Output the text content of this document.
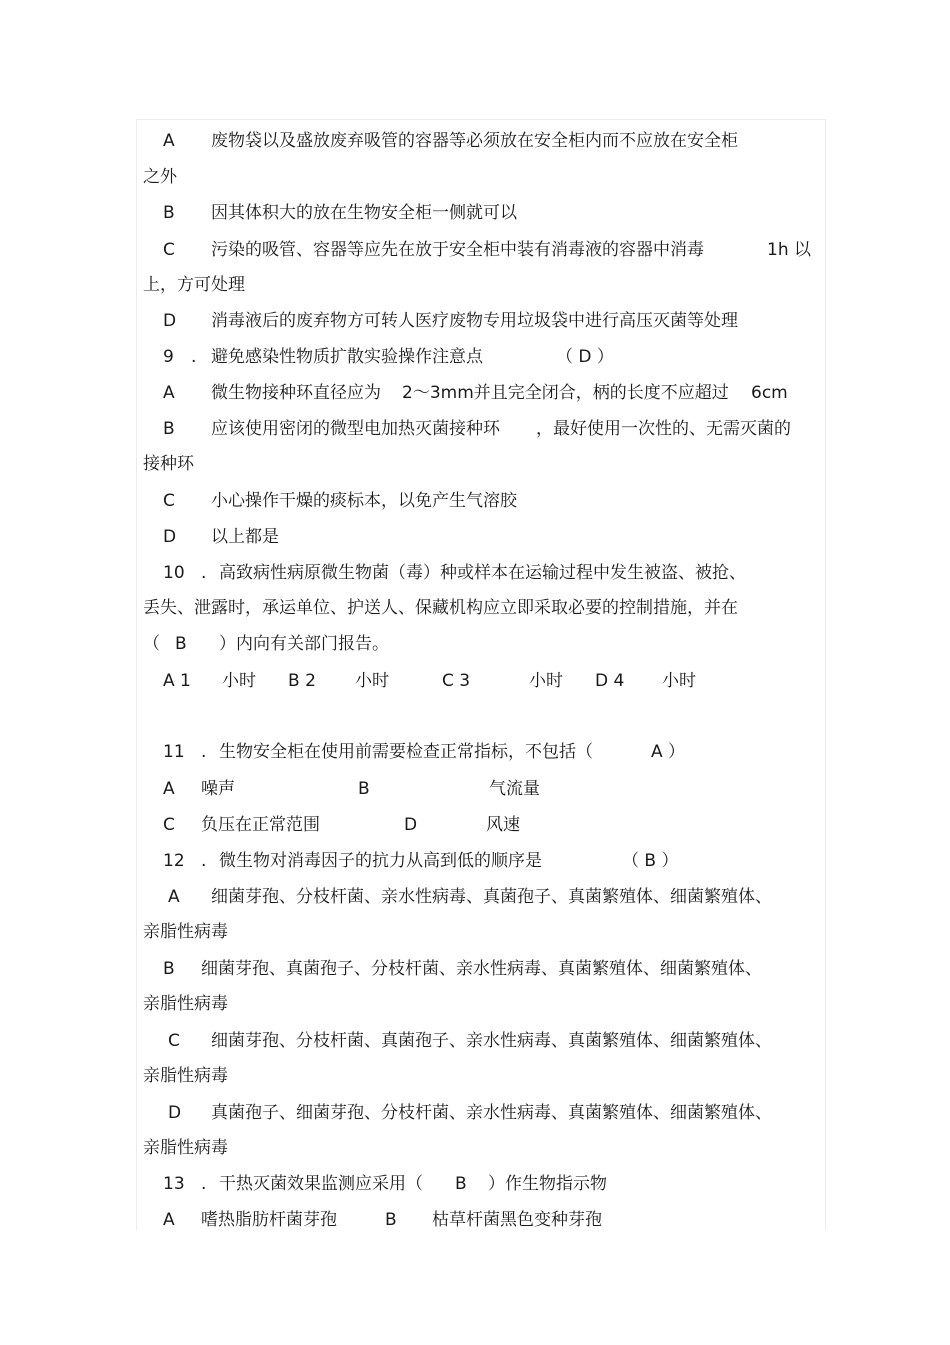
A 废物袋以及盛放废弃吸管的容器等必须放在安全柜内而不应放在安全柜
之外
B 因其体积大的放在生物安全柜一侧就可以
C 污染的吸管、容器等应先在放于安全柜中装有消毒液的容器中消毒	1h 以
上，方可处理
D 消毒液后的废弃物方可转人医疗废物专用垃圾袋中进行高压灭菌等处理
9 . 避免感染性物质扩散实验操作注意点	（ D ）
A 微生物接种环直径应为 2～3mm并且完全闭合，柄的长度不应超过 6cm
B 应该使用密闭的微型电加热灭菌接种环 ，最好使用一次性的、无需灭菌的
接种环
C 小心操作干燥的痰标本，以免产生气溶胶
D 以上都是
10 . 高致病性病原微生物菌（毒）种或样本在运输过程中发生被盗、被抢、
丢失、泄露时，承运单位、护送人、保藏机构应立即采取必要的控制措施，并在
（ B ）内向有关部门报告。
A 1 小时 B 2 小时	C 3	小时 D 4 小时
11 . 生物安全柜在使用前需要检查正常指标，不包括（	A ）
A 噪声	B	气流量
C 负压在正常范围	D	风速
12 . 微生物对消毒因子的抗力从高到低的顺序是	（ B ）
A 细菌芽孢、分枝杆菌、亲水性病毒、真菌孢子、真菌繁殖体、细菌繁殖体、
亲脂性病毒
B 细菌芽孢、真菌孢子、分枝杆菌、亲水性病毒、真菌繁殖体、细菌繁殖体、
亲脂性病毒
C 细菌芽孢、分枝杆菌、真菌孢子、亲水性病毒、真菌繁殖体、细菌繁殖体、
亲脂性病毒
D 真菌孢子、细菌芽孢、分枝杆菌、亲水性病毒、真菌繁殖体、细菌繁殖体、
亲脂性病毒
13 . 干热灭菌效果监测应采用（ B ）作生物指示物
A 嗜热脂肪杆菌芽孢	B 枯草杆菌黑色变种芽孢
